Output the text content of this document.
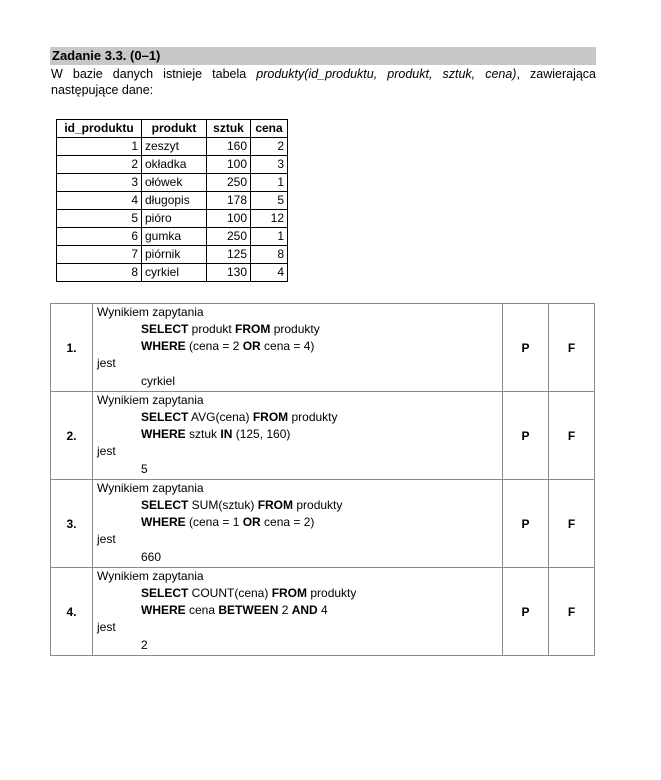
Zadanie 3.3. (0–1)
W bazie danych istnieje tabela produkty(id_produktu, produkt, sztuk, cena), zawierająca następujące dane:
id_produktu	produkt	sztuk	cena
1	zeszyt	160	2
2	okładka	100	3
3	ołówek	250	1
4	długopis	178	5
5	pióro	100	12
6	gumka	250	1
7	piórnik	125	8
8	cyrkiel	130	4
1.	Wynikiem zapytania
SELECT produkt FROM produkty
WHERE (cena = 2 OR cena = 4)
jest
cyrkiel	P	F
2.	Wynikiem zapytania
SELECT AVG(cena) FROM produkty
WHERE sztuk IN (125, 160)
jest
5	P	F
3.	Wynikiem zapytania
SELECT SUM(sztuk) FROM produkty
WHERE (cena = 1 OR cena = 2)
jest
660	P	F
4.	Wynikiem zapytania
SELECT COUNT(cena) FROM produkty
WHERE cena BETWEEN 2 AND 4
jest
2	P	F
